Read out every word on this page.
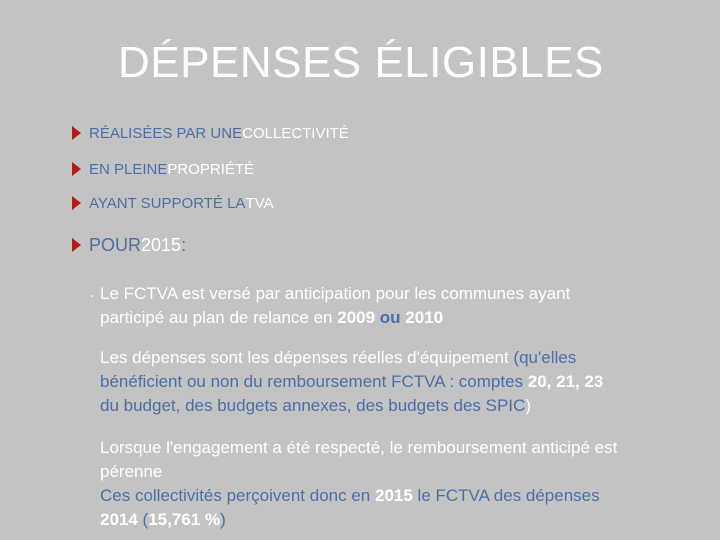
DÉPENSES ÉLIGIBLES
RÉALISÉES PAR UNE COLLECTIVITÉ
EN PLEINE PROPRIÉTÉ
AYANT SUPPORTÉ LA TVA
POUR 2015 :
. Le FCTVA est versé par anticipation pour les communes ayant
participé au plan de relance en 2009 ou 2010
Les dépenses sont les dépenses réelles d'équipement (qu'elles
bénéficient ou non du remboursement FCTVA : comptes 20, 21, 23
du budget, des budgets annexes, des budgets des SPIC)
Lorsque l'engagement a été respecté, le remboursement anticipé est
pérenne
Ces collectivités perçoivent donc en 2015 le FCTVA des dépenses
2014 (15,761 %)
